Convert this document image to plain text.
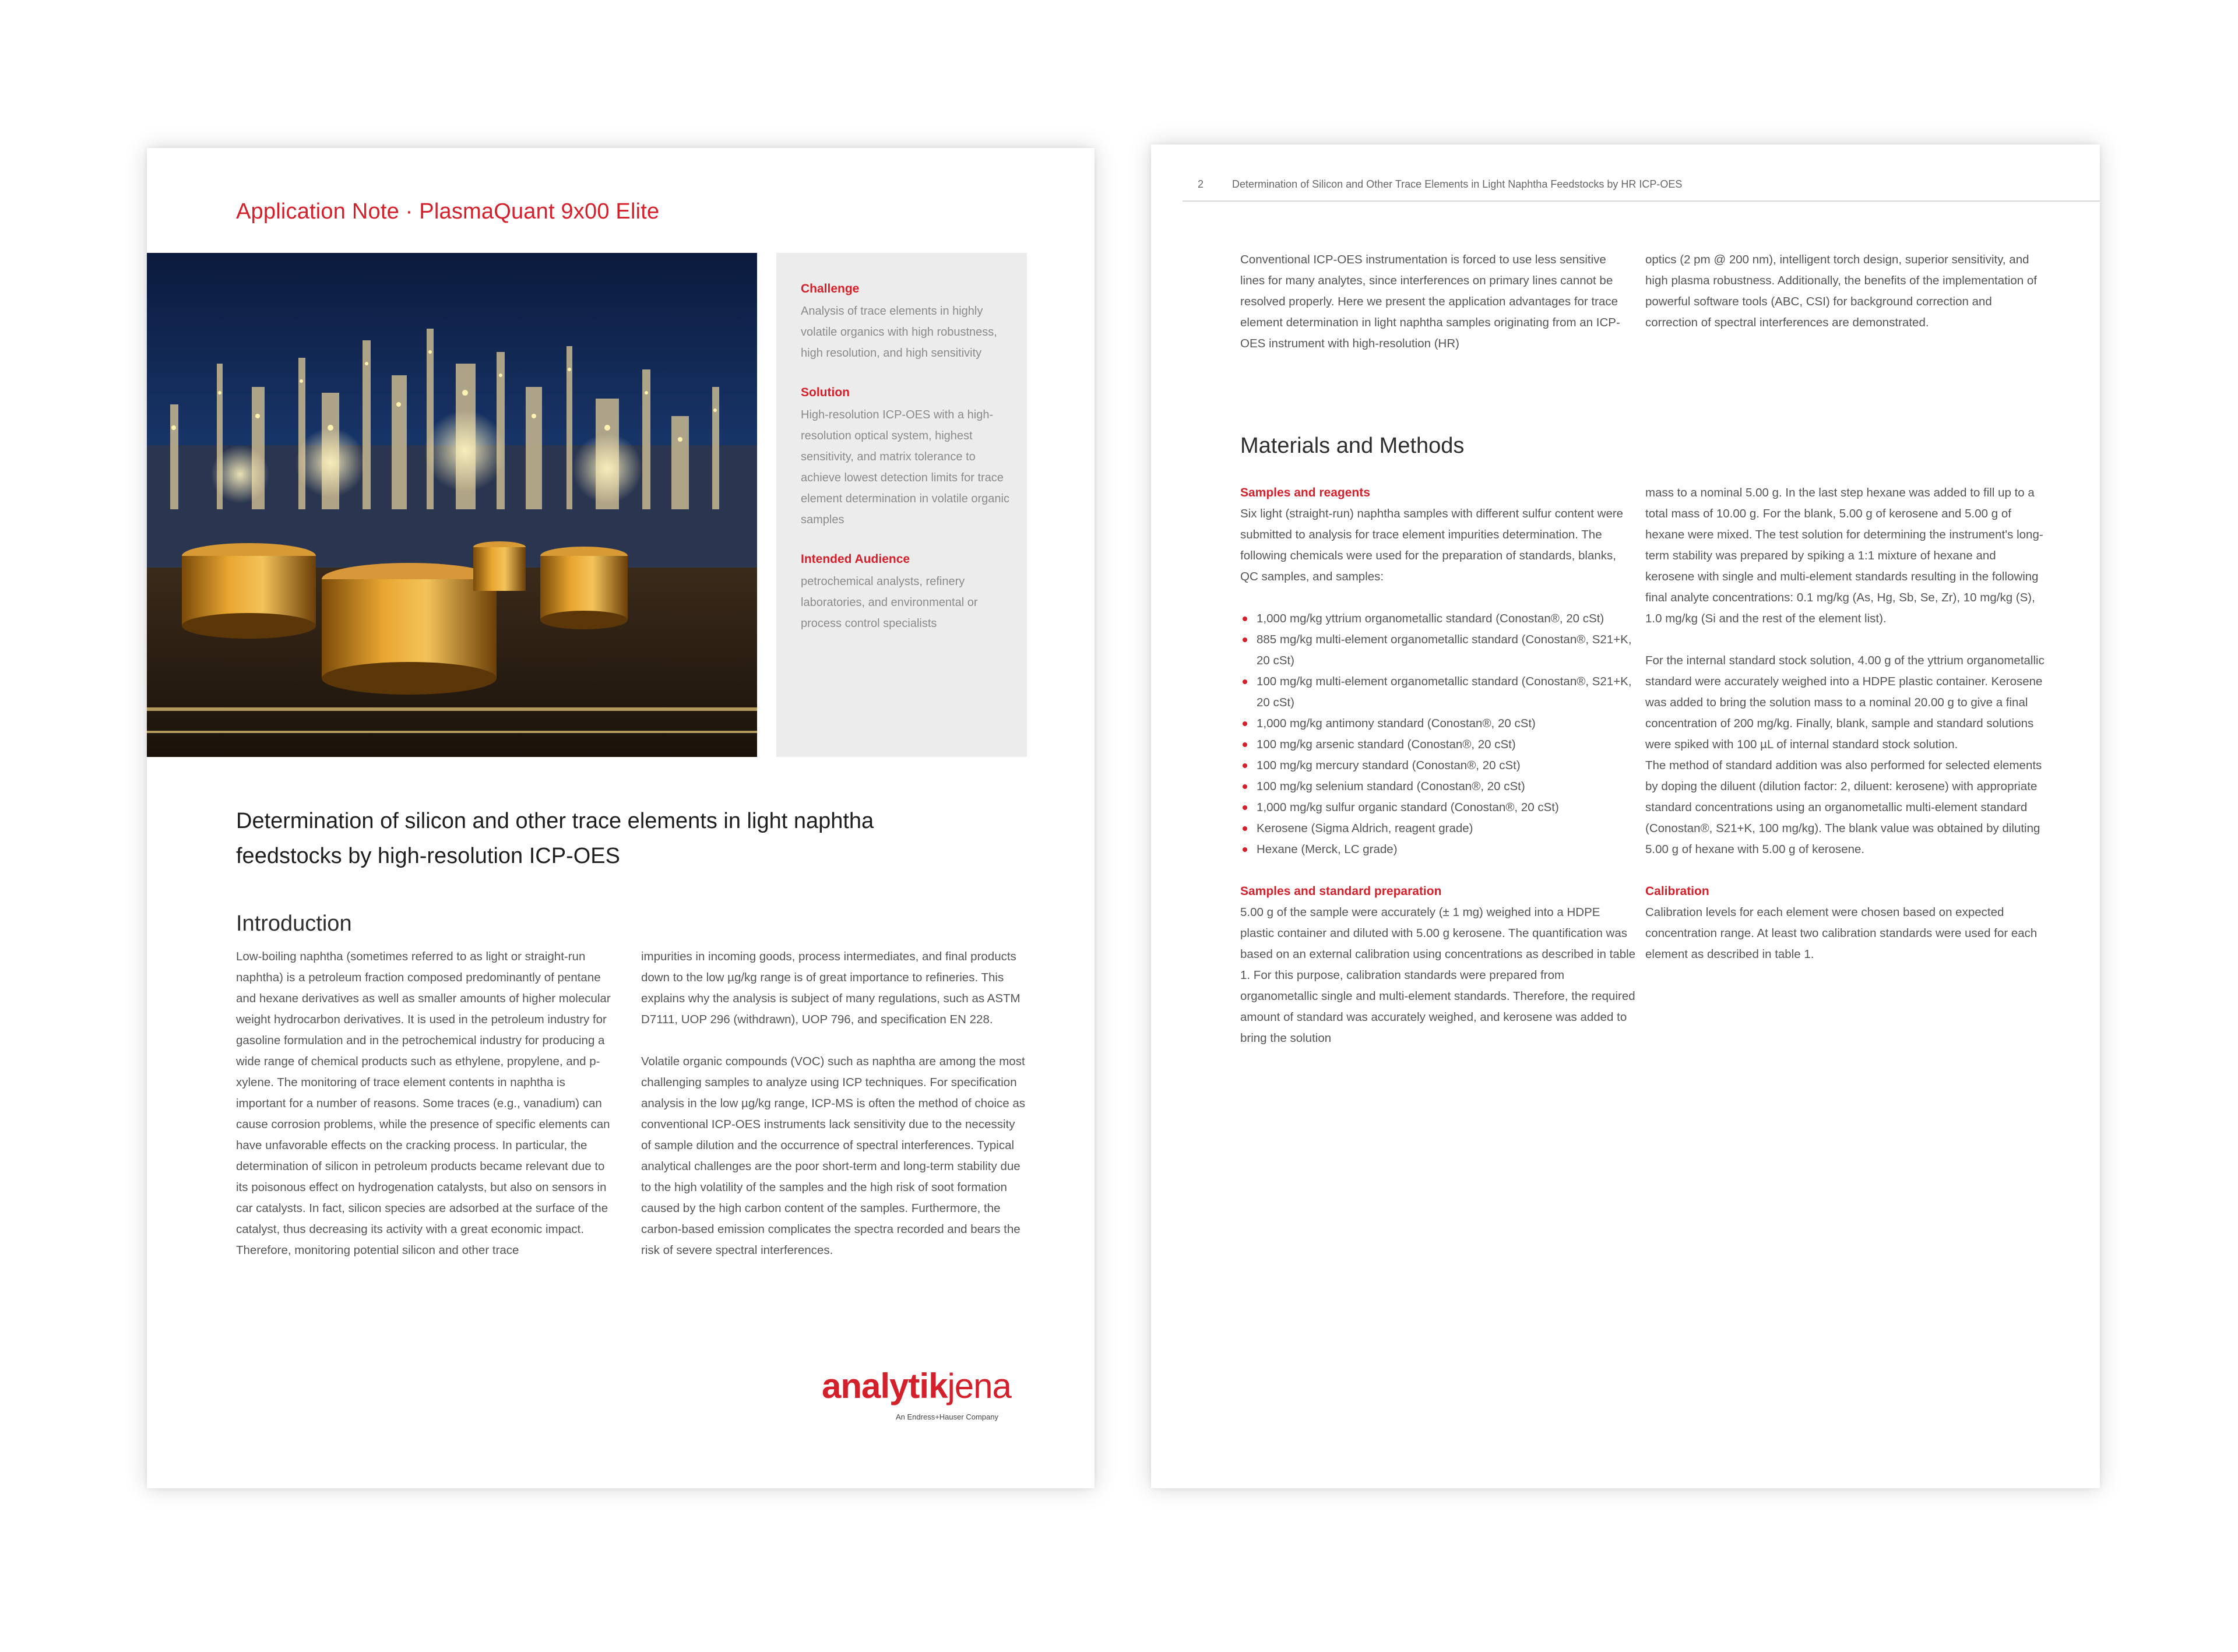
Application Note · PlasmaQuant 9x00 Elite
Challenge
Analysis of trace elements in highly volatile organics with high robustness, high resolution, and high sensitivity
Solution
High-resolution ICP-OES with a high-resolution optical system, highest sensitivity, and matrix tolerance to achieve lowest detection limits for trace element determination in volatile organic samples
Intended Audience
petrochemical analysts, refinery laboratories, and environmental or process control specialists
Determination of silicon and other trace elements in light naphtha
feedstocks by high-resolution ICP-OES
Introduction

Low-boiling naphtha (sometimes referred to as light or straight-run naphtha) is a petroleum fraction composed predominantly of pentane and hexane derivatives as well as smaller amounts of higher molecular weight hydrocarbon derivatives. It is used in the petroleum industry for gasoline formulation and in the petrochemical industry for producing a wide range of chemical products such as ethylene, propylene, and p-xylene. The monitoring of trace element contents in naphtha is important for a number of reasons. Some traces (e.g., vanadium) can cause corrosion problems, while the presence of specific elements can have unfavorable effects on the cracking process. In particular, the determination of silicon in petroleum products became relevant due to its poisonous effect on hydrogenation catalysts, but also on sensors in car catalysts. In fact, silicon species are adsorbed at the surface of the catalyst, thus decreasing its activity with a great economic impact. Therefore, monitoring potential silicon and other trace

impurities in incoming goods, process intermediates, and final products down to the low µg/kg range is of great importance to refineries. This explains why the analysis is subject of many regulations, such as ASTM D7111, UOP 296 (withdrawn), UOP 796, and specification EN 228.

Volatile organic compounds (VOC) such as naphtha are among the most challenging samples to analyze using ICP techniques. For specification analysis in the low µg/kg range, ICP-MS is often the method of choice as conventional ICP-OES instruments lack sensitivity due to the necessity of sample dilution and the occurrence of spectral interferences. Typical analytical challenges are the poor short-term and long-term stability due to the high volatility of the samples and the high risk of soot formation caused by the high carbon content of the samples. Furthermore, the carbon-based emission complicates the spectra recorded and bears the risk of severe spectral interferences.

analytikjena
An Endress+Hauser Company
2	Determination of Silicon and Other Trace Elements in Light Naphtha Feedstocks by HR ICP-OES

Conventional ICP-OES instrumentation is forced to use less sensitive lines for many analytes, since interferences on primary lines cannot be resolved properly. Here we present the application advantages for trace element determination in light naphtha samples originating from an ICP-OES instrument with high-resolution (HR)

optics (2 pm @ 200 nm), intelligent torch design, superior sensitivity, and high plasma robustness. Additionally, the benefits of the implementation of powerful software tools (ABC, CSI) for background correction and correction of spectral interferences are demonstrated.

Materials and Methods
Samples and reagents

Six light (straight-run) naphtha samples with different sulfur content were submitted to analysis for trace element impurities determination. The following chemicals were used for the preparation of standards, blanks, QC samples, and samples:

1,000 mg/kg yttrium organometallic standard (Conostan®, 20 cSt)
885 mg/kg multi-element organometallic standard (Conostan®, S21+K, 20 cSt)
100 mg/kg multi-element organometallic standard (Conostan®, S21+K, 20 cSt)
1,000 mg/kg antimony standard (Conostan®, 20 cSt)
100 mg/kg arsenic standard (Conostan®, 20 cSt)
100 mg/kg mercury standard (Conostan®, 20 cSt)
100 mg/kg selenium standard (Conostan®, 20 cSt)
1,000 mg/kg sulfur organic standard (Conostan®, 20 cSt)
Kerosene (Sigma Aldrich, reagent grade)
Hexane (Merck, LC grade)
Samples and standard preparation

5.00 g of the sample were accurately (± 1 mg) weighed into a HDPE plastic container and diluted with 5.00 g kerosene. The quantification was based on an external calibration using concentrations as described in table 1. For this purpose, calibration standards were prepared from organometallic single and multi-element standards. Therefore, the required amount of standard was accurately weighed, and kerosene was added to bring the solution

mass to a nominal 5.00 g. In the last step hexane was added to fill up to a total mass of 10.00 g. For the blank, 5.00 g of kerosene and 5.00 g of hexane were mixed. The test solution for determining the instrument's long-term stability was prepared by spiking a 1:1 mixture of hexane and kerosene with single and multi-element standards resulting in the following final analyte concentrations: 0.1 mg/kg (As, Hg, Sb, Se, Zr), 10 mg/kg (S), 1.0 mg/kg (Si and the rest of the element list).

For the internal standard stock solution, 4.00 g of the yttrium organometallic standard were accurately weighed into a HDPE plastic container. Kerosene was added to bring the solution mass to a nominal 20.00 g to give a final concentration of 200 mg/kg. Finally, blank, sample and standard solutions were spiked with 100 µL of internal standard stock solution.

The method of standard addition was also performed for selected elements by doping the diluent (dilution factor: 2, diluent: kerosene) with appropriate standard concentrations using an organometallic multi-element standard (Conostan®, S21+K, 100 mg/kg). The blank value was obtained by diluting 5.00 g of hexane with 5.00 g of kerosene.

Calibration

Calibration levels for each element were chosen based on expected concentration range. At least two calibration standards were used for each element as described in table 1.
